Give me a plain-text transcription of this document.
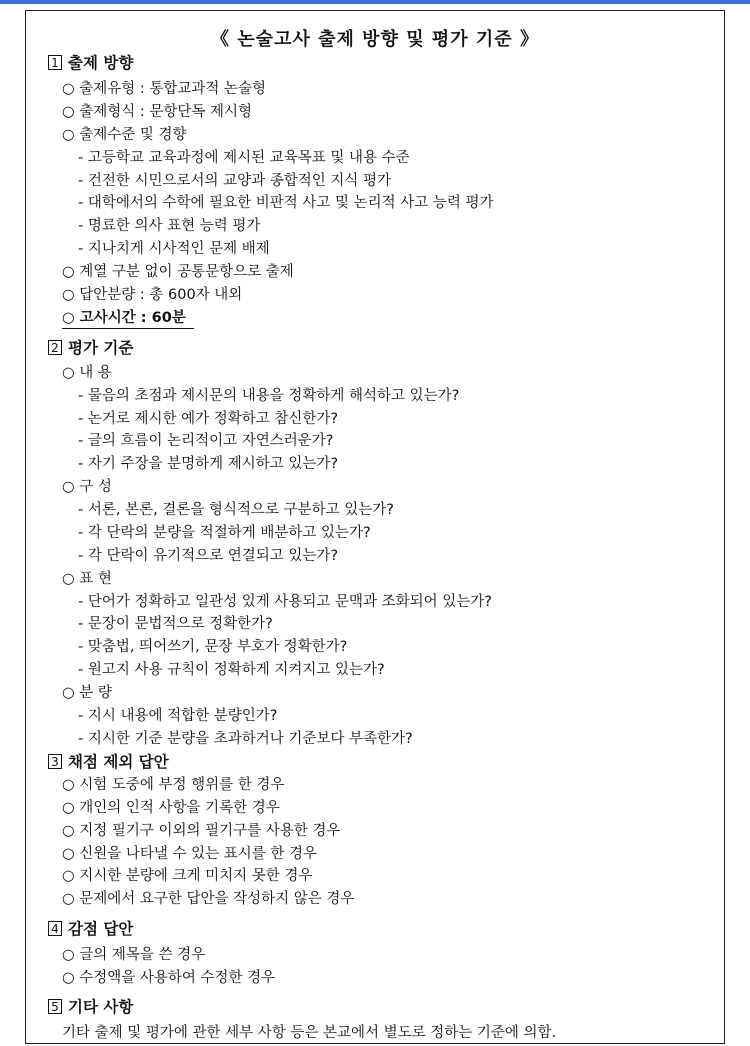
《 논술고사 출제 방향 및 평가 기준 》
1 출제 방향
○ 출제유형 : 통합교과적 논술형
○ 출제형식 : 문항단독 제시형
○ 출제수준 및 경향
- 고등학교 교육과정에 제시된 교육목표 및 내용 수준
- 건전한 시민으로서의 교양과 종합적인 지식 평가
- 대학에서의 수학에 필요한 비판적 사고 및 논리적 사고 능력 평가
- 명료한 의사 표현 능력 평가
- 지나치게 시사적인 문제 배제
○ 계열 구분 없이 공통문항으로 출제
○ 답안분량 : 총 600자 내외
○ 고사시간 : 60분
2 평가 기준
○ 내 용
- 물음의 초점과 제시문의 내용을 정확하게 해석하고 있는가?
- 논거로 제시한 예가 정확하고 참신한가?
- 글의 흐름이 논리적이고 자연스러운가?
- 자기 주장을 분명하게 제시하고 있는가?
○ 구 성
- 서론, 본론, 결론을 형식적으로 구분하고 있는가?
- 각 단락의 분량을 적절하게 배분하고 있는가?
- 각 단락이 유기적으로 연결되고 있는가?
○ 표 현
- 단어가 정확하고 일관성 있게 사용되고 문맥과 조화되어 있는가?
- 문장이 문법적으로 정확한가?
- 맞춤법, 띄어쓰기, 문장 부호가 정확한가?
- 원고지 사용 규칙이 정확하게 지켜지고 있는가?
○ 분 량
- 지시 내용에 적합한 분량인가?
- 지시한 기준 분량을 초과하거나 기준보다 부족한가?
3 채점 제외 답안
○ 시험 도중에 부정 행위를 한 경우
○ 개인의 인적 사항을 기록한 경우
○ 지정 필기구 이외의 필기구를 사용한 경우
○ 신원을 나타낼 수 있는 표시를 한 경우
○ 지시한 분량에 크게 미치지 못한 경우
○ 문제에서 요구한 답안을 작성하지 않은 경우
4 감점 답안
○ 글의 제목을 쓴 경우
○ 수정액을 사용하여 수정한 경우
5 기타 사항
기타 출제 및 평가에 관한 세부 사항 등은 본교에서 별도로 정하는 기준에 의함.
